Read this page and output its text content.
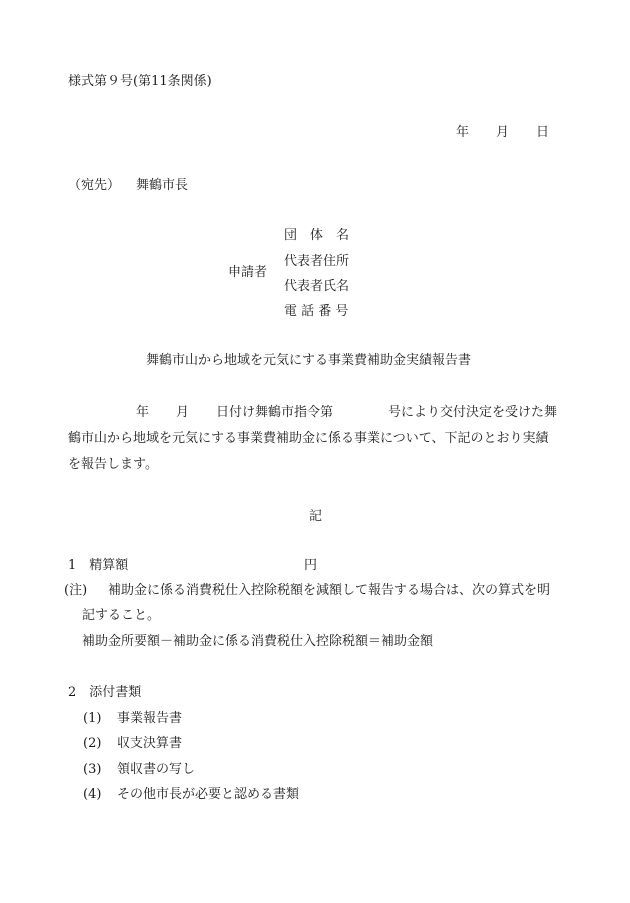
様式第９号(第11条関係)
年 月 日
（宛先） 舞鶴市長
申請者
団　体　名
代表者住所
代表者氏名
電 話 番 号
舞鶴市山から地域を元気にする事業費補助金実績報告書
年 月 日付け舞鶴市指令第	号により交付決定を受けた舞
鶴市山から地域を元気にする事業費補助金に係る事業について、下記のとおり実績
を報告します。
記
1　精算額	円
(注) 補助金に係る消費税仕入控除税額を減額して報告する場合は、次の算式を明
記すること。
補助金所要額－補助金に係る消費税仕入控除税額＝補助金額
2　添付書類
(1) 事業報告書
(2) 収支決算書
(3) 領収書の写し
(4) その他市長が必要と認める書類
